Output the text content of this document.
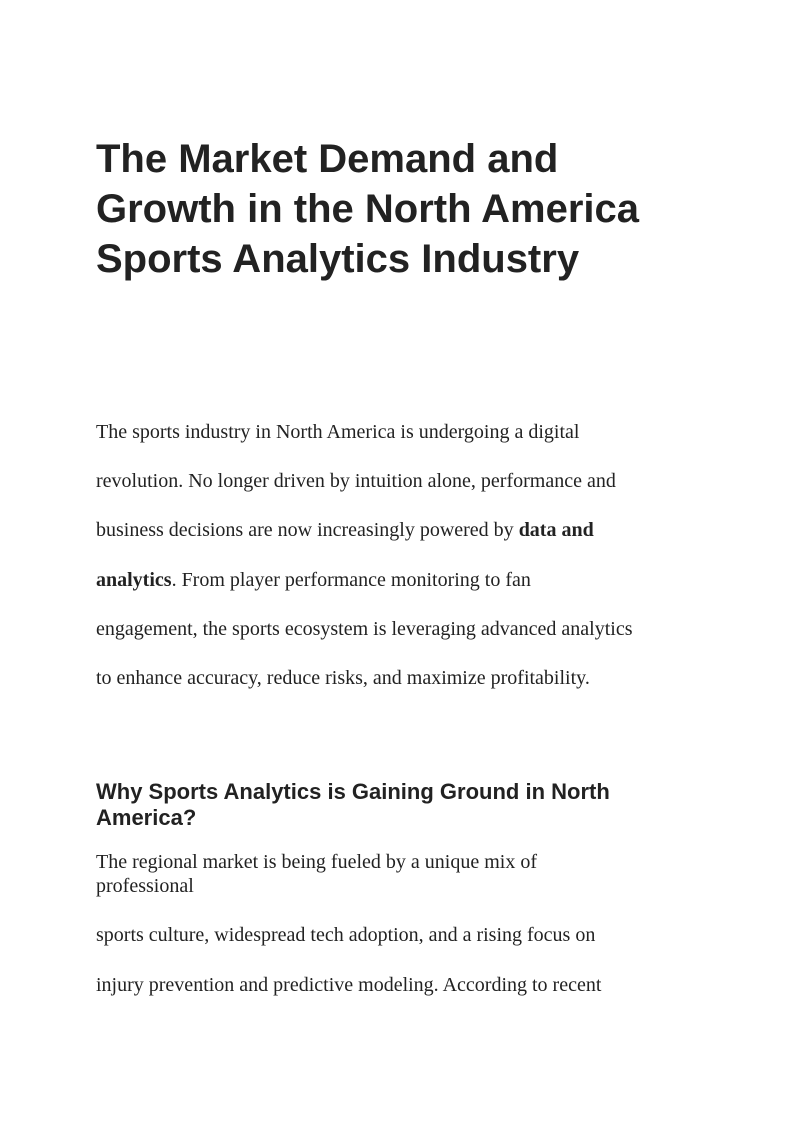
The Market Demand and
Growth in the North America
Sports Analytics Industry

The sports industry in North America is undergoing a digital
revolution. No longer driven by intuition alone, performance and
business decisions are now increasingly powered by data and
analytics. From player performance monitoring to fan
engagement, the sports ecosystem is leveraging advanced analytics
to enhance accuracy, reduce risks, and maximize profitability.

Why Sports Analytics is Gaining Ground in North
America?

The regional market is being fueled by a unique mix of
professional

sports culture, widespread tech adoption, and a rising focus on
injury prevention and predictive modeling. According to recent
